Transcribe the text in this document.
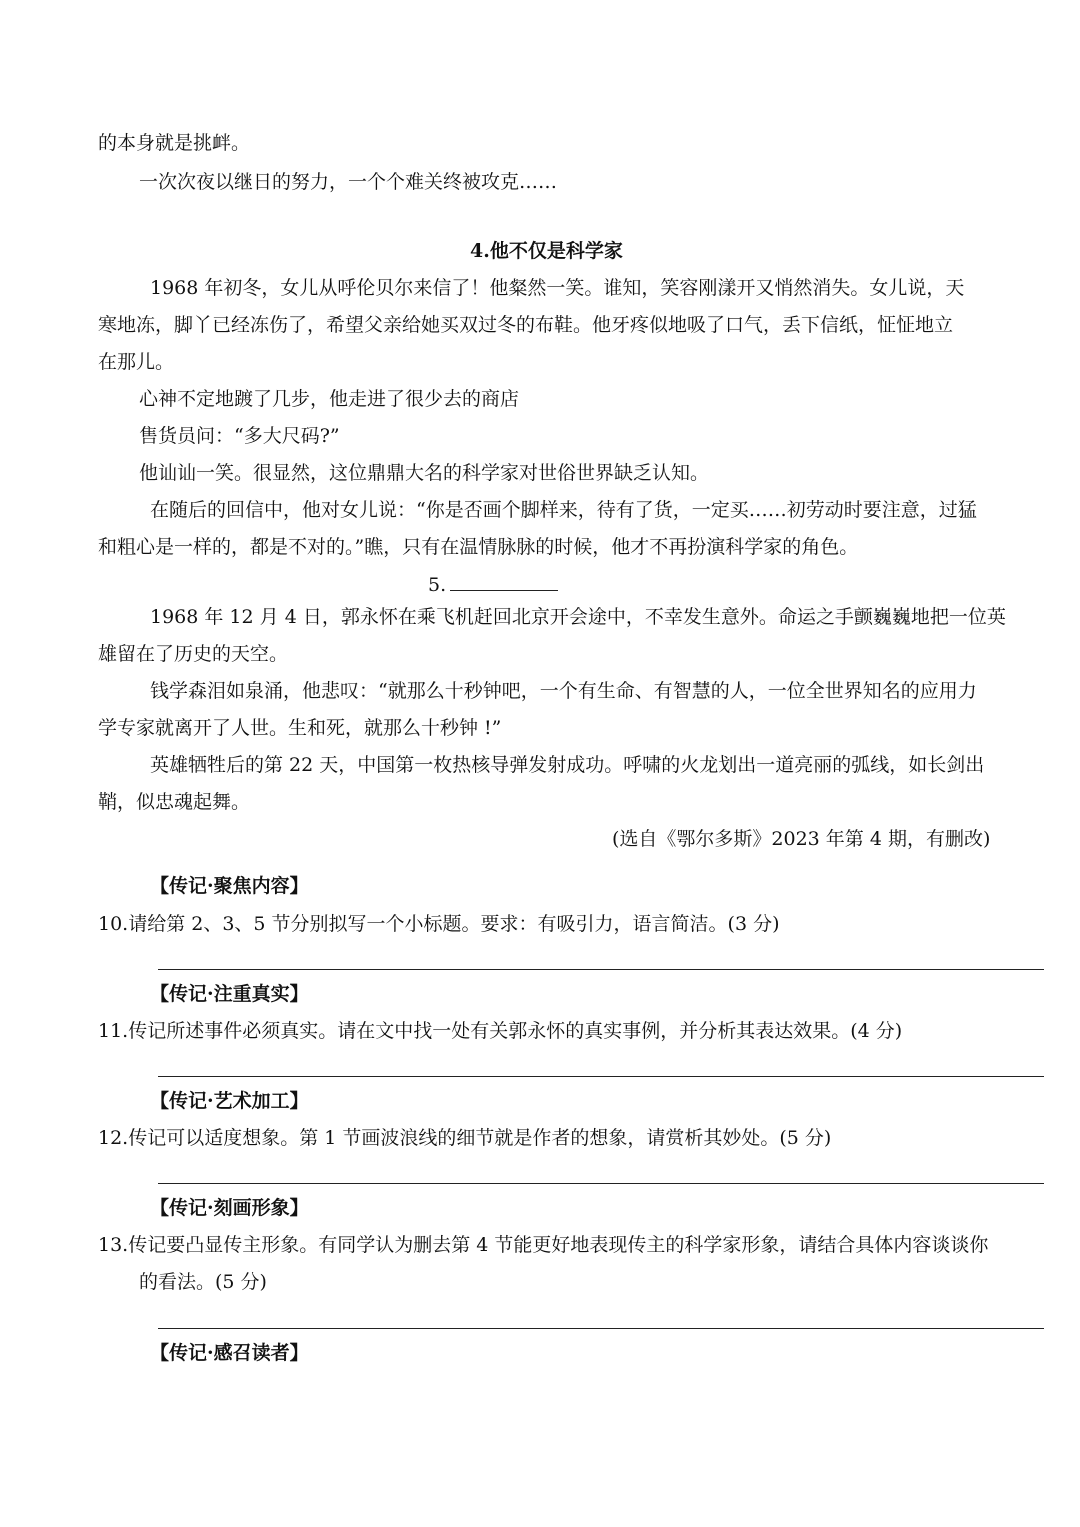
的本身就是挑衅。
一次次夜以继日的努力，一个个难关终被攻克……
4.他不仅是科学家
1968 年初冬，女儿从呼伦贝尔来信了！他粲然一笑。谁知，笑容刚漾开又悄然消失。女儿说，天
寒地冻，脚丫已经冻伤了，希望父亲给她买双过冬的布鞋。他牙疼似地吸了口气，丢下信纸，怔怔地立
在那儿。
心神不定地踱了几步，他走进了很少去的商店
售货员问：“多大尺码?”
他讪讪一笑。很显然，这位鼎鼎大名的科学家对世俗世界缺乏认知。
在随后的回信中，他对女儿说：“你是否画个脚样来，待有了货，一定买……初劳动时要注意，过猛
和粗心是一样的，都是不对的。”瞧，只有在温情脉脉的时候，他才不再扮演科学家的角色。
5.
1968 年 12 月 4 日，郭永怀在乘飞机赶回北京开会途中，不幸发生意外。命运之手颤巍巍地把一位英
雄留在了历史的天空。
钱学森泪如泉涌，他悲叹：“就那么十秒钟吧，一个有生命、有智慧的人，一位全世界知名的应用力
学专家就离开了人世。生和死，就那么十秒钟 !”
英雄牺牲后的第 22 天，中国第一枚热核导弹发射成功。呼啸的火龙划出一道亮丽的弧线，如长剑出
鞘，似忠魂起舞。
(选自《鄂尔多斯》2023 年第 4 期，有删改)
【传记·聚焦内容】
10.请给第 2、3、5 节分别拟写一个小标题。要求：有吸引力，语言简洁。(3 分)
【传记·注重真实】
11.传记所述事件必须真实。请在文中找一处有关郭永怀的真实事例，并分析其表达效果。(4 分)
【传记·艺术加工】
12.传记可以适度想象。第 1 节画波浪线的细节就是作者的想象，请赏析其妙处。(5 分)
【传记·刻画形象】
13.传记要凸显传主形象。有同学认为删去第 4 节能更好地表现传主的科学家形象，请结合具体内容谈谈你
的看法。(5 分)
【传记·感召读者】
